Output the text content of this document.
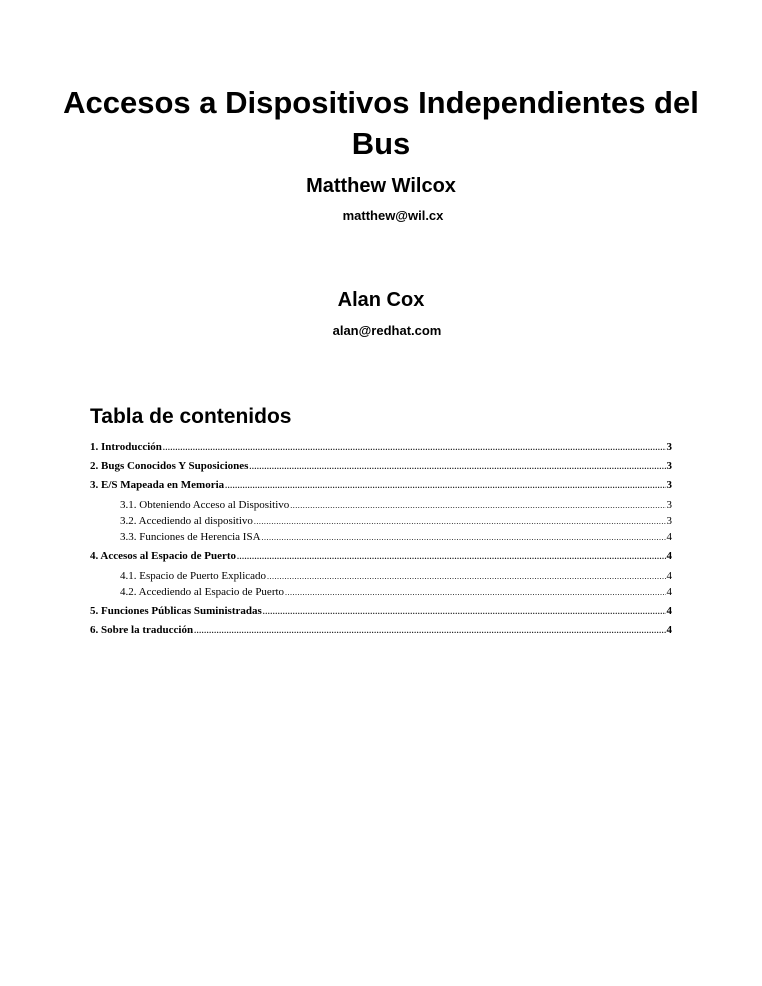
Accesos a Dispositivos Independientes del Bus

Matthew Wilcox

matthew@wil.cx

Alan Cox

alan@redhat.com

Tabla de contenidos
1. Introducción .....	3
2. Bugs Conocidos Y Suposiciones .....	3
3. E/S Mapeada en Memoria .....	3
3.1. Obteniendo Acceso al Dispositivo .....	3
3.2. Accediendo al dispositivo .....	3
3.3. Funciones de Herencia ISA .....	4
4. Accesos al Espacio de Puerto .....	4
4.1. Espacio de Puerto Explicado .....	4
4.2. Accediendo al Espacio de Puerto .....	4
5. Funciones Públicas Suministradas .....	4
6. Sobre la traducción .....	4
